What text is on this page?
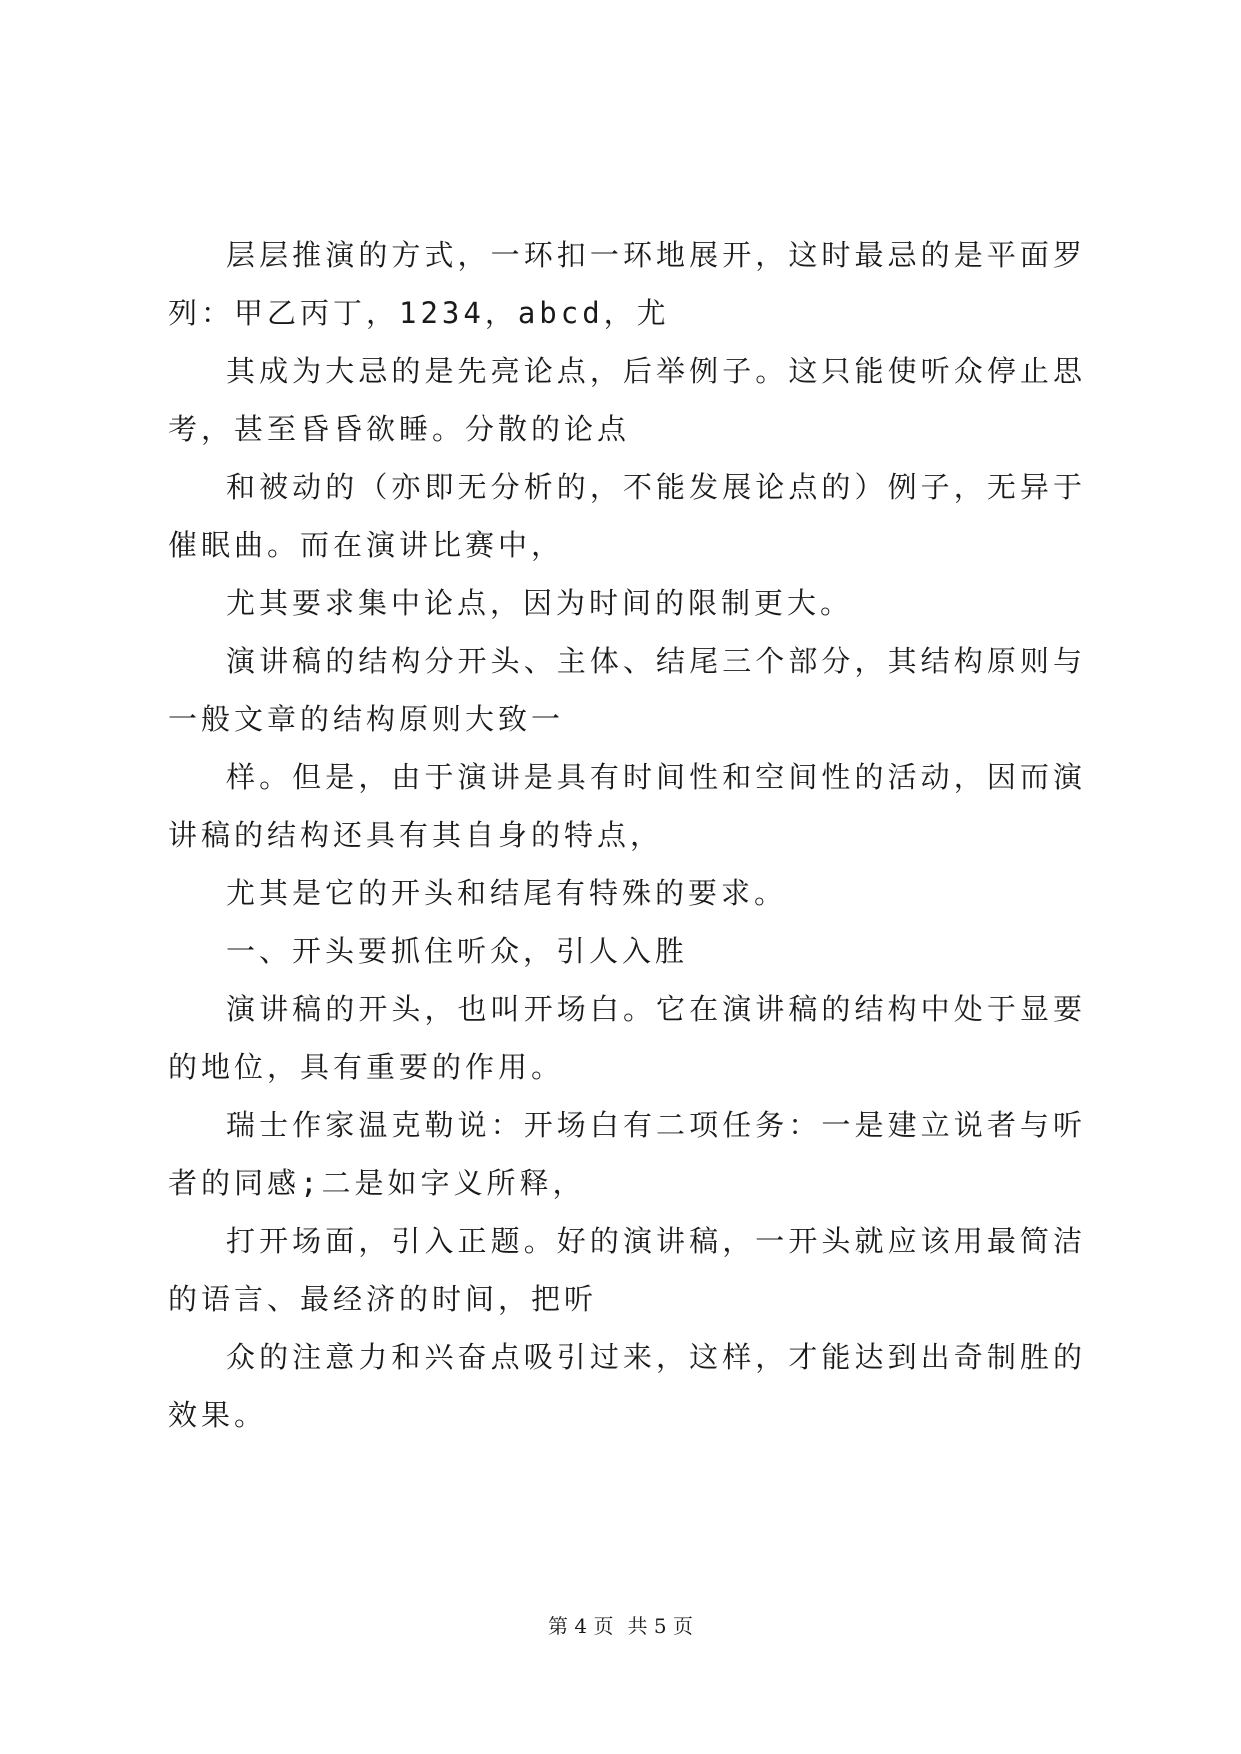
层层推演的方式，一环扣一环地展开，这时最忌的是平面罗列：甲乙丙丁，1234，abcd，尤

其成为大忌的是先亮论点，后举例子。这只能使听众停止思考，甚至昏昏欲睡。分散的论点

和被动的（亦即无分析的，不能发展论点的）例子，无异于催眠曲。而在演讲比赛中，

尤其要求集中论点，因为时间的限制更大。

演讲稿的结构分开头、主体、结尾三个部分，其结构原则与一般文章的结构原则大致一

样。但是，由于演讲是具有时间性和空间性的活动，因而演讲稿的结构还具有其自身的特点，

尤其是它的开头和结尾有特殊的要求。

一、开头要抓住听众，引人入胜

演讲稿的开头，也叫开场白。它在演讲稿的结构中处于显要的地位，具有重要的作用。

瑞士作家温克勒说：开场白有二项任务：一是建立说者与听者的同感;二是如字义所释，

打开场面，引入正题。好的演讲稿，一开头就应该用最简洁的语言、最经济的时间，把听

众的注意力和兴奋点吸引过来，这样，才能达到出奇制胜的效果。

第 4 页 共 5 页
